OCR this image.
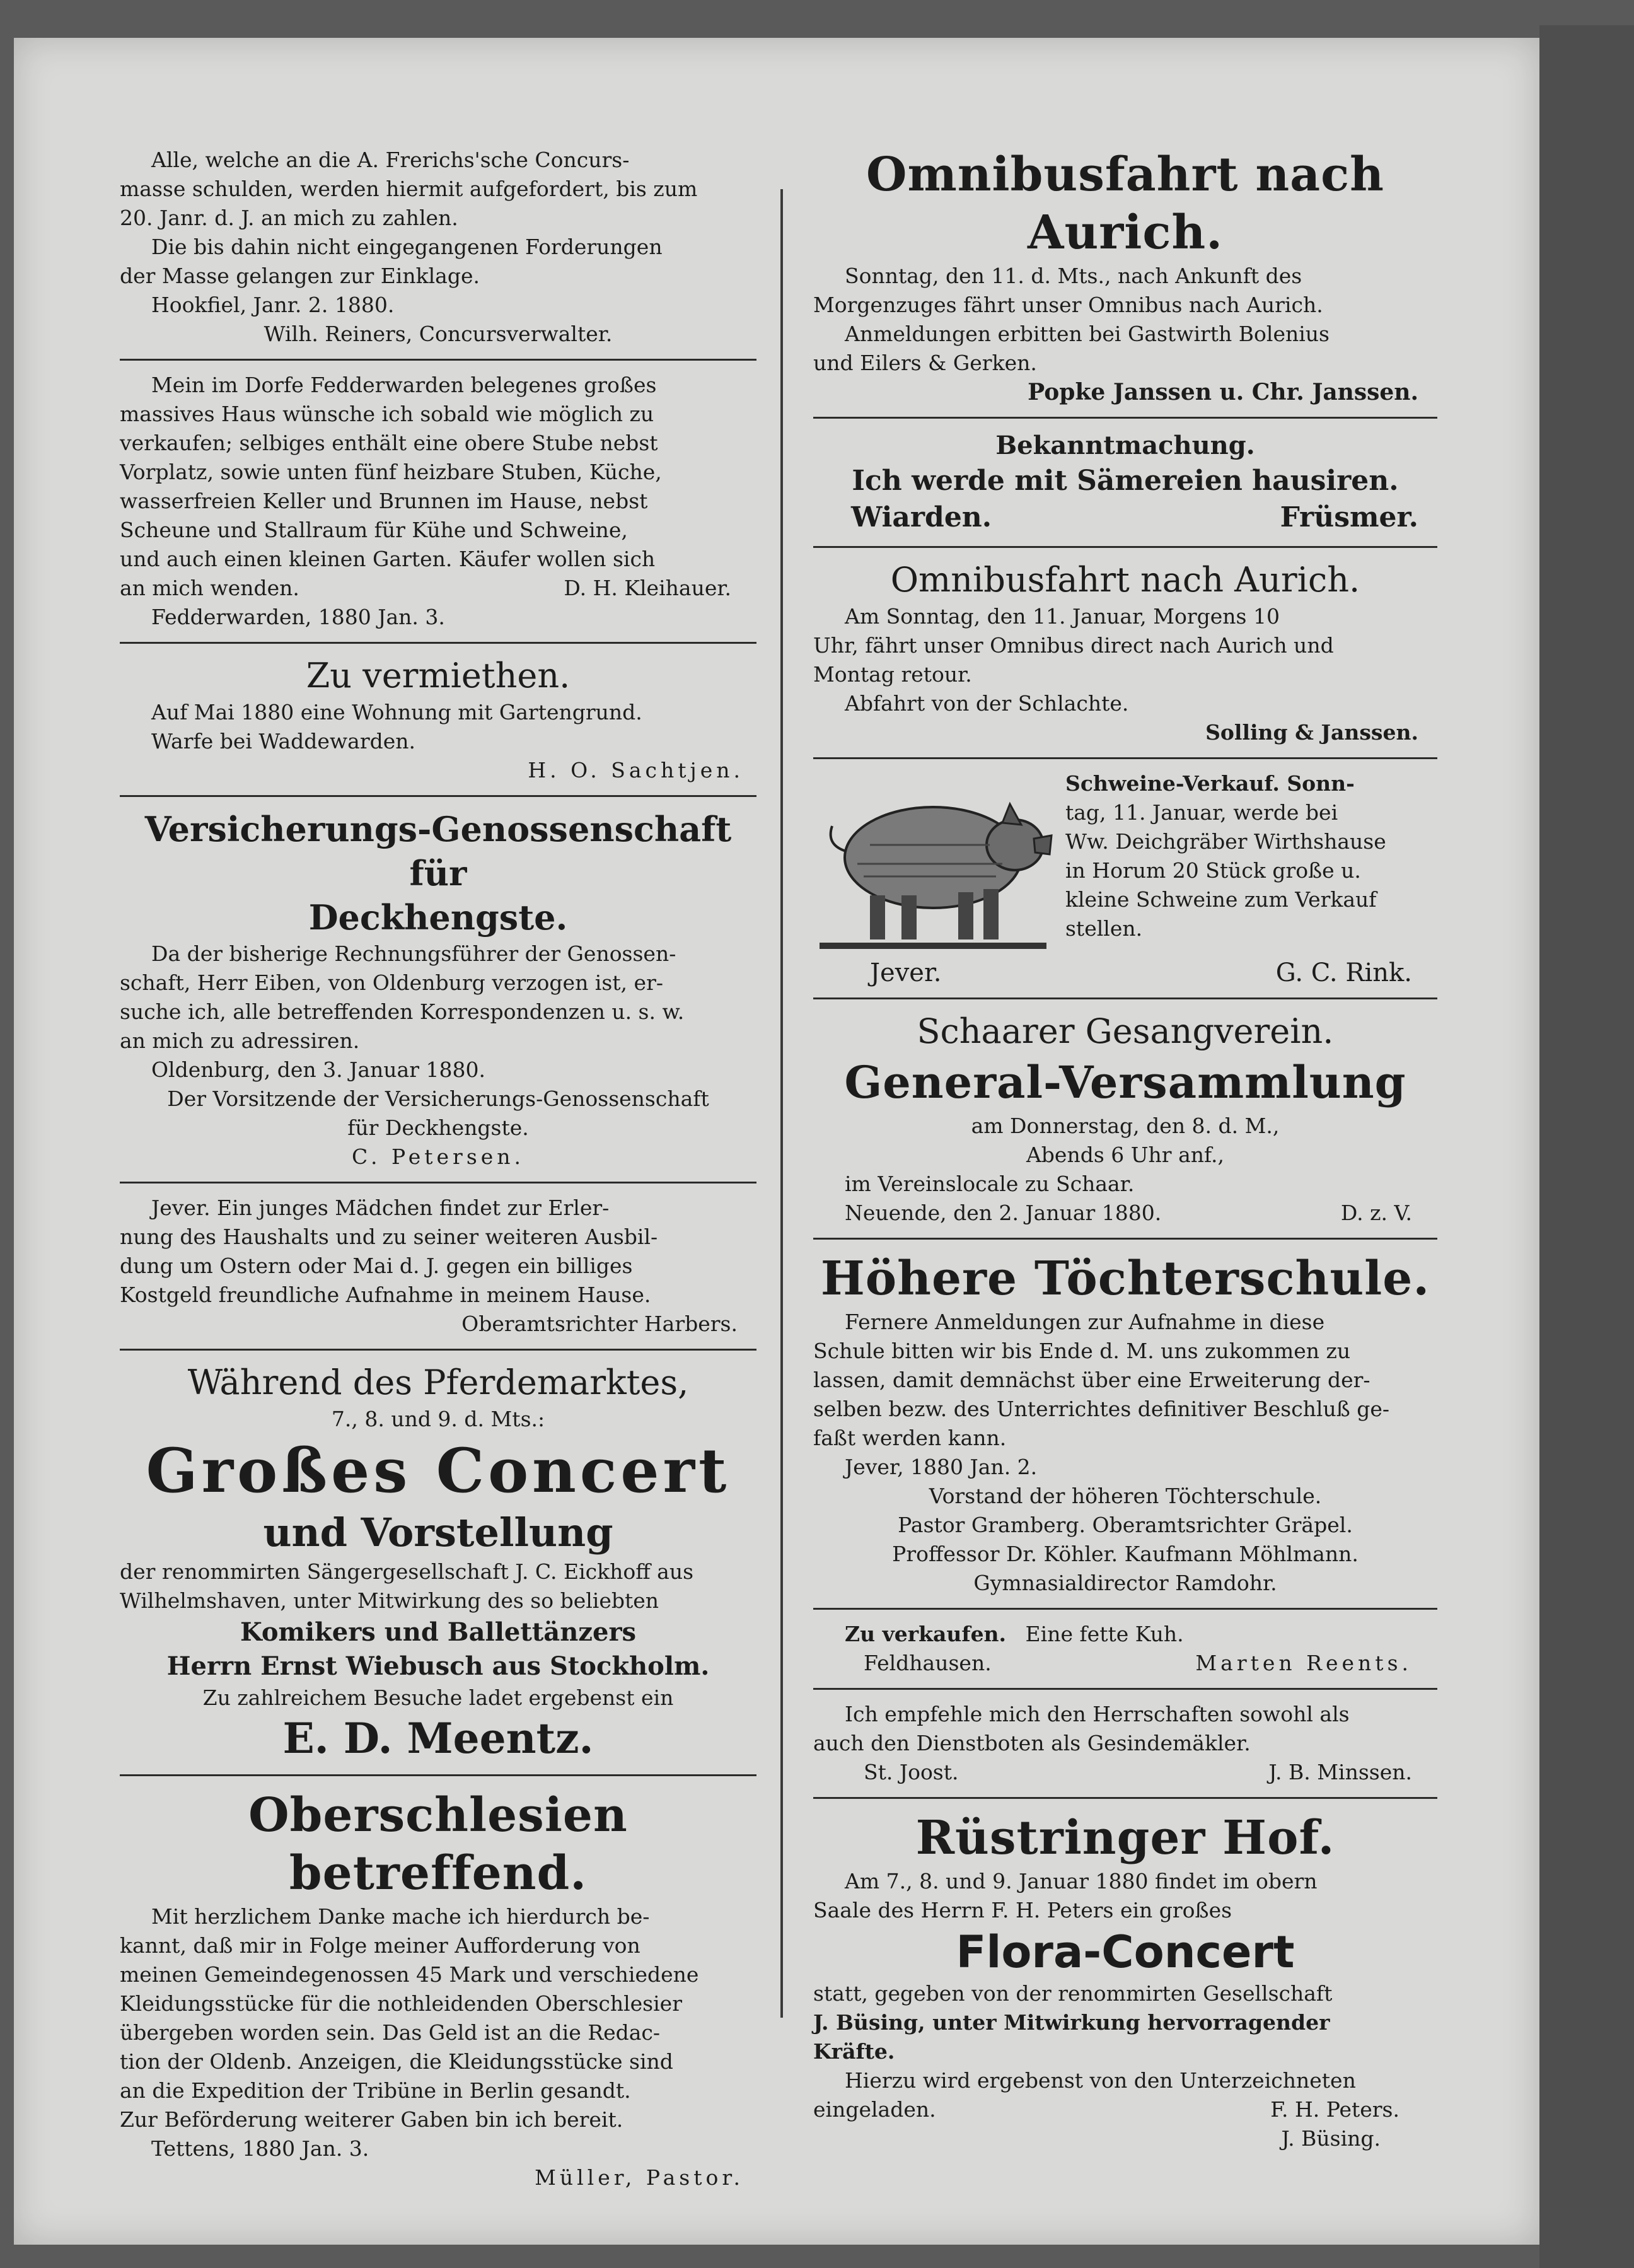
Alle, welche an die A. Frerichs'sche Concurs-

masse schulden, werden hiermit aufgefordert, bis zum

20. Janr. d. J. an mich zu zahlen.

Die bis dahin nicht eingegangenen Forderungen

der Masse gelangen zur Einklage.

Hookfiel, Janr. 2. 1880.

Wilh. Reiners, Concursverwalter.

Mein im Dorfe Fedderwarden belegenes großes

massives Haus wünsche ich sobald wie möglich zu

verkaufen; selbiges enthält eine obere Stube nebst

Vorplatz, sowie unten fünf heizbare Stuben, Küche,

wasserfreien Keller und Brunnen im Hause, nebst

Scheune und Stallraum für Kühe und Schweine,

und auch einen kleinen Garten. Käufer wollen sich

an mich wenden.	D. H. Kleihauer.

Fedderwarden, 1880 Jan. 3.

Zu vermiethen.

Auf Mai 1880 eine Wohnung mit Gartengrund.

Warfe bei Waddewarden.

H. O. Sachtjen.

Versicherungs-Genossenschaft für
Deckhengste.

Da der bisherige Rechnungsführer der Genossen-

schaft, Herr Eiben, von Oldenburg verzogen ist, er-

suche ich, alle betreffenden Korrespondenzen u. s. w.

an mich zu adressiren.

Oldenburg, den 3. Januar 1880.

Der Vorsitzende der Versicherungs-Genossenschaft

für Deckhengste.

C. Petersen.

Jever. Ein junges Mädchen findet zur Erler-

nung des Haushalts und zu seiner weiteren Ausbil-

dung um Ostern oder Mai d. J. gegen ein billiges

Kostgeld freundliche Aufnahme in meinem Hause.

Oberamtsrichter Harbers.

Während des Pferdemarktes,

7., 8. und 9. d. Mts.:

Großes Concert
und Vorstellung

der renommirten Sängergesellschaft J. C. Eickhoff aus

Wilhelmshaven, unter Mitwirkung des so beliebten

Komikers und Ballettänzers
Herrn Ernst Wiebusch aus Stockholm.

Zu zahlreichem Besuche ladet ergebenst ein

E. D. Meentz.
Oberschlesien betreffend.

Mit herzlichem Danke mache ich hierdurch be-

kannt, daß mir in Folge meiner Aufforderung von

meinen Gemeindegenossen 45 Mark und verschiedene

Kleidungsstücke für die nothleidenden Oberschlesier

übergeben worden sein. Das Geld ist an die Redac-

tion der Oldenb. Anzeigen, die Kleidungsstücke sind

an die Expedition der Tribüne in Berlin gesandt.

Zur Beförderung weiterer Gaben bin ich bereit.

Tettens, 1880 Jan. 3.

Müller, Pastor.

Omnibusfahrt nach Aurich.

Sonntag, den 11. d. Mts., nach Ankunft des

Morgenzuges fährt unser Omnibus nach Aurich.

Anmeldungen erbitten bei Gastwirth Bolenius

und Eilers & Gerken.

Popke Janssen u. Chr. Janssen.

Bekanntmachung.
Ich werde mit Sämereien hausiren.
Wiarden.	Früsmer.
Omnibusfahrt nach Aurich.

Am Sonntag, den 11. Januar, Morgens 10

Uhr, fährt unser Omnibus direct nach Aurich und

Montag retour.

Abfahrt von der Schlachte.

Solling & Janssen.

Schweine-Verkauf. Sonn-

tag, 11. Januar, werde bei

Ww. Deichgräber Wirthshause

in Horum 20 Stück große u.

kleine Schweine zum Verkauf

stellen.

Jever.	G. C. Rink.
Schaarer Gesangverein.
General-Versammlung

am Donnerstag, den 8. d. M.,

Abends 6 Uhr anf.,

im Vereinslocale zu Schaar.

Neuende, den 2. Januar 1880.	D. z. V.
Höhere Töchterschule.

Fernere Anmeldungen zur Aufnahme in diese

Schule bitten wir bis Ende d. M. uns zukommen zu

lassen, damit demnächst über eine Erweiterung der-

selben bezw. des Unterrichtes definitiver Beschluß ge-

faßt werden kann.

Jever, 1880 Jan. 2.

Vorstand der höheren Töchterschule.

Pastor Gramberg. Oberamtsrichter Gräpel.

Proffessor Dr. Köhler. Kaufmann Möhlmann.

Gymnasialdirector Ramdohr.

Zu verkaufen. Eine fette Kuh.

Feldhausen.	Marten Reents.

Ich empfehle mich den Herrschaften sowohl als

auch den Dienstboten als Gesindemäkler.

St. Joost.	J. B. Minssen.
Rüstringer Hof.

Am 7., 8. und 9. Januar 1880 findet im obern

Saale des Herrn F. H. Peters ein großes

Flora-Concert

statt, gegeben von der renommirten Gesellschaft

J. Büsing, unter Mitwirkung hervorragender

Kräfte.

Hierzu wird ergebenst von den Unterzeichneten

eingeladen.	F. H. Peters.

J. Büsing.
